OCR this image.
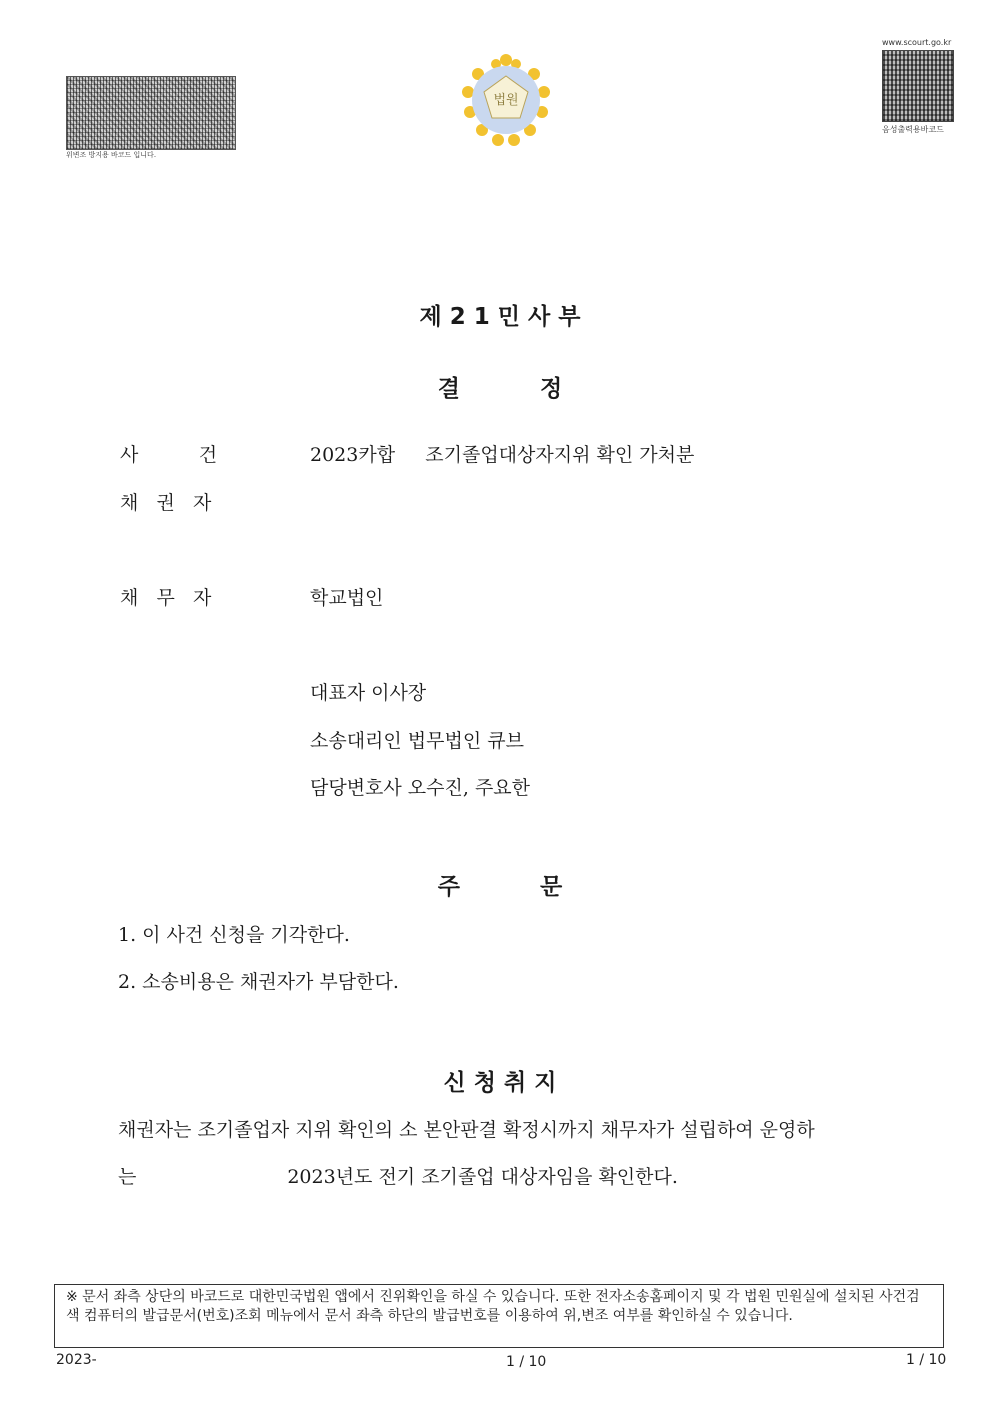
위변조 방지용 바코드 입니다.
법원
www.scourt.go.kr
음성출력용바코드
제 2 1 민 사 부
결          정
사          건	2023카합     조기졸업대상자지위 확인 가처분
채   권   자
채   무   자	학교법인
대표자 이사장
소송대리인 법무법인 큐브
담당변호사 오수진, 주요한
주          문
1. 이 사건 신청을 기각한다.
2. 소송비용은 채권자가 부담한다.
신 청 취 지
채권자는 조기졸업자 지위 확인의 소 본안판결 확정시까지 채무자가 설립하여 운영하
는                         2023년도 전기 조기졸업 대상자임을 확인한다.
※ 문서 좌측 상단의 바코드로 대한민국법원 앱에서 진위확인을 하실 수 있습니다. 또한 전자소송홈페이지 및 각 법원 민원실에 설치된 사건검색 컴퓨터의 발급문서(번호)조회 메뉴에서 문서 좌측 하단의 발급번호를 이용하여 위,변조 여부를 확인하실 수 있습니다.
2023-	1 / 10	1 / 10
